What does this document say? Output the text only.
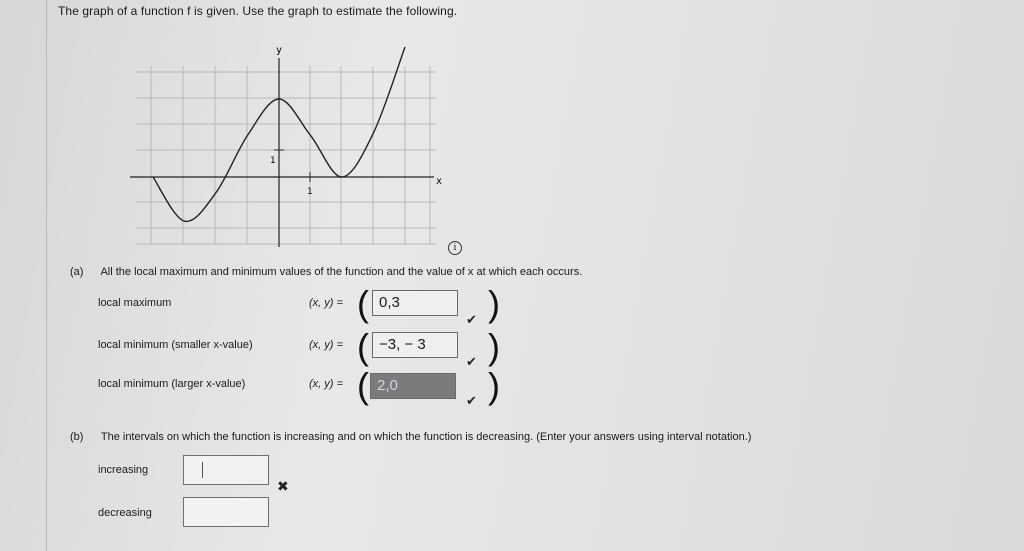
The graph of a function f is given. Use the graph to estimate the following.
y
x
1
1
i
(a) All the local maximum and minimum values of the function and the value of x at which each occurs.
local maximum	(x, y) = ( 0,3
✔ )
local minimum (smaller x-value)	(x, y) = ( −3, − 3
✔ )
local minimum (larger x-value)	(x, y) = ( 2,0
✔ )
(b) The intervals on which the function is increasing and on which the function is decreasing. (Enter your answers using interval notation.)
increasing
✖
decreasing
